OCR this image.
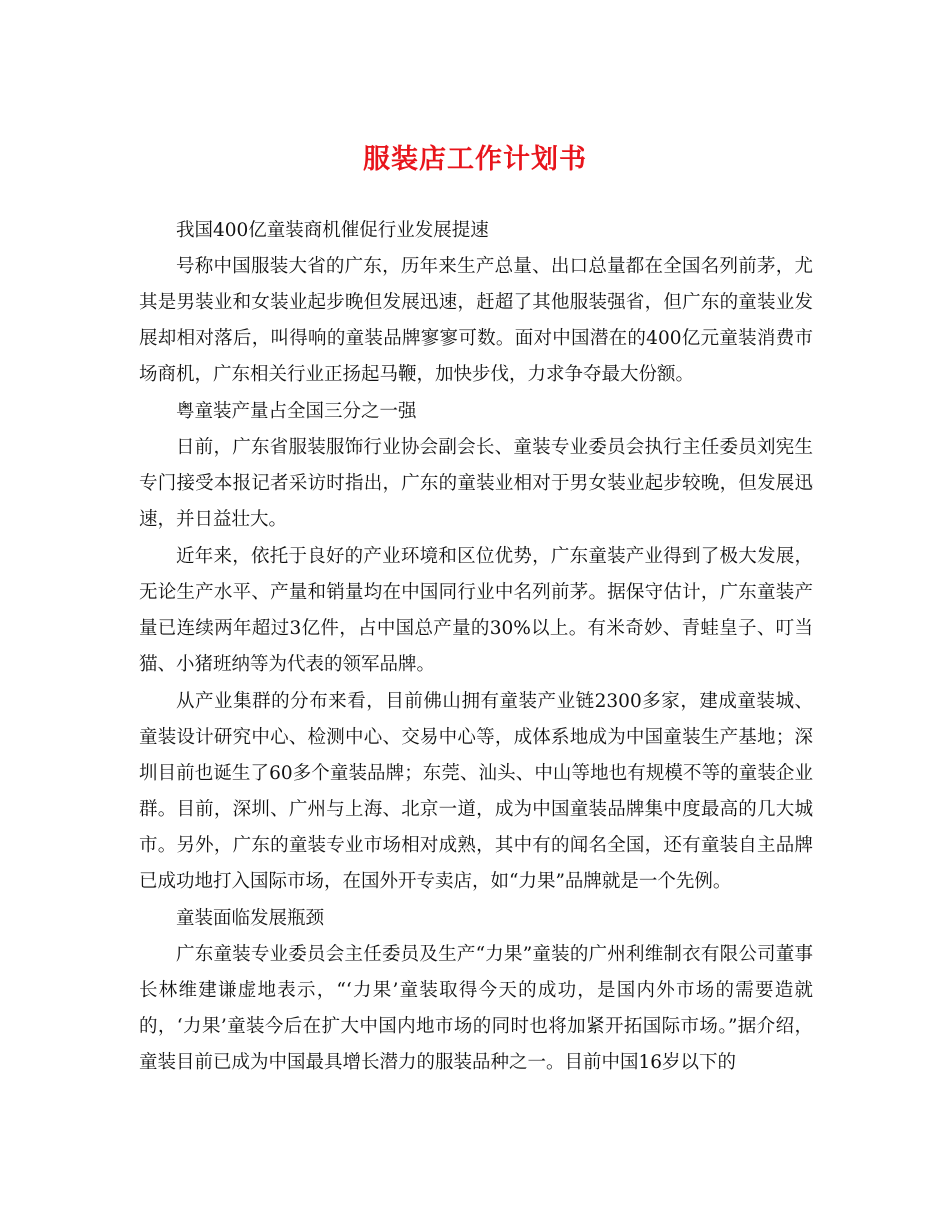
服装店工作计划书

我国400亿童装商机催促行业发展提速

号称中国服装大省的广东，历年来生产总量、出口总量都在全国名列前茅，尤其是男装业和女装业起步晚但发展迅速，赶超了其他服装强省，但广东的童装业发展却相对落后，叫得响的童装品牌寥寥可数。面对中国潜在的400亿元童装消费市场商机，广东相关行业正扬起马鞭，加快步伐，力求争夺最大份额。

粤童装产量占全国三分之一强

日前，广东省服装服饰行业协会副会长、童装专业委员会执行主任委员刘宪生专门接受本报记者采访时指出，广东的童装业相对于男女装业起步较晚，但发展迅速，并日益壮大。

近年来，依托于良好的产业环境和区位优势，广东童装产业得到了极大发展，无论生产水平、产量和销量均在中国同行业中名列前茅。据保守估计，广东童装产量已连续两年超过3亿件，占中国总产量的30%以上。有米奇妙、青蛙皇子、叮当猫、小猪班纳等为代表的领军品牌。

从产业集群的分布来看，目前佛山拥有童装产业链2300多家，建成童装城、童装设计研究中心、检测中心、交易中心等，成体系地成为中国童装生产基地；深圳目前也诞生了60多个童装品牌；东莞、汕头、中山等地也有规模不等的童装企业群。目前，深圳、广州与上海、北京一道，成为中国童装品牌集中度最高的几大城市。另外，广东的童装专业市场相对成熟，其中有的闻名全国，还有童装自主品牌已成功地打入国际市场，在国外开专卖店，如“力果”品牌就是一个先例。

童装面临发展瓶颈

广东童装专业委员会主任委员及生产“力果”童装的广州利维制衣有限公司董事长林维建谦虚地表示，“‘力果’童装取得今天的成功，是国内外市场的需要造就的，‘力果’童装今后在扩大中国内地市场的同时也将加紧开拓国际市场。”据介绍，童装目前已成为中国最具增长潜力的服装品种之一。目前中国16岁以下的
